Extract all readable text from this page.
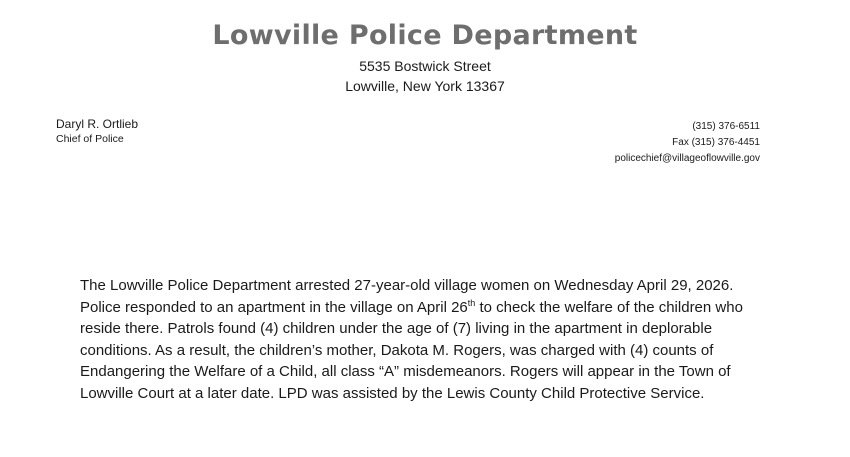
Lowville Police Department
5535 Bostwick Street
Lowville, New York 13367
Daryl R. Ortlieb
Chief of Police
(315) 376-6511
Fax (315) 376-4451
policechief@villageoflowville.gov
The Lowville Police Department arrested 27-year-old village women on Wednesday April 29, 2026.
Police responded to an apartment in the village on April 26th to check the welfare of the children who
reside there. Patrols found (4) children under the age of (7) living in the apartment in deplorable
conditions. As a result, the children’s mother, Dakota M. Rogers, was charged with (4) counts of
Endangering the Welfare of a Child, all class “A” misdemeanors. Rogers will appear in the Town of
Lowville Court at a later date. LPD was assisted by the Lewis County Child Protective Service.
